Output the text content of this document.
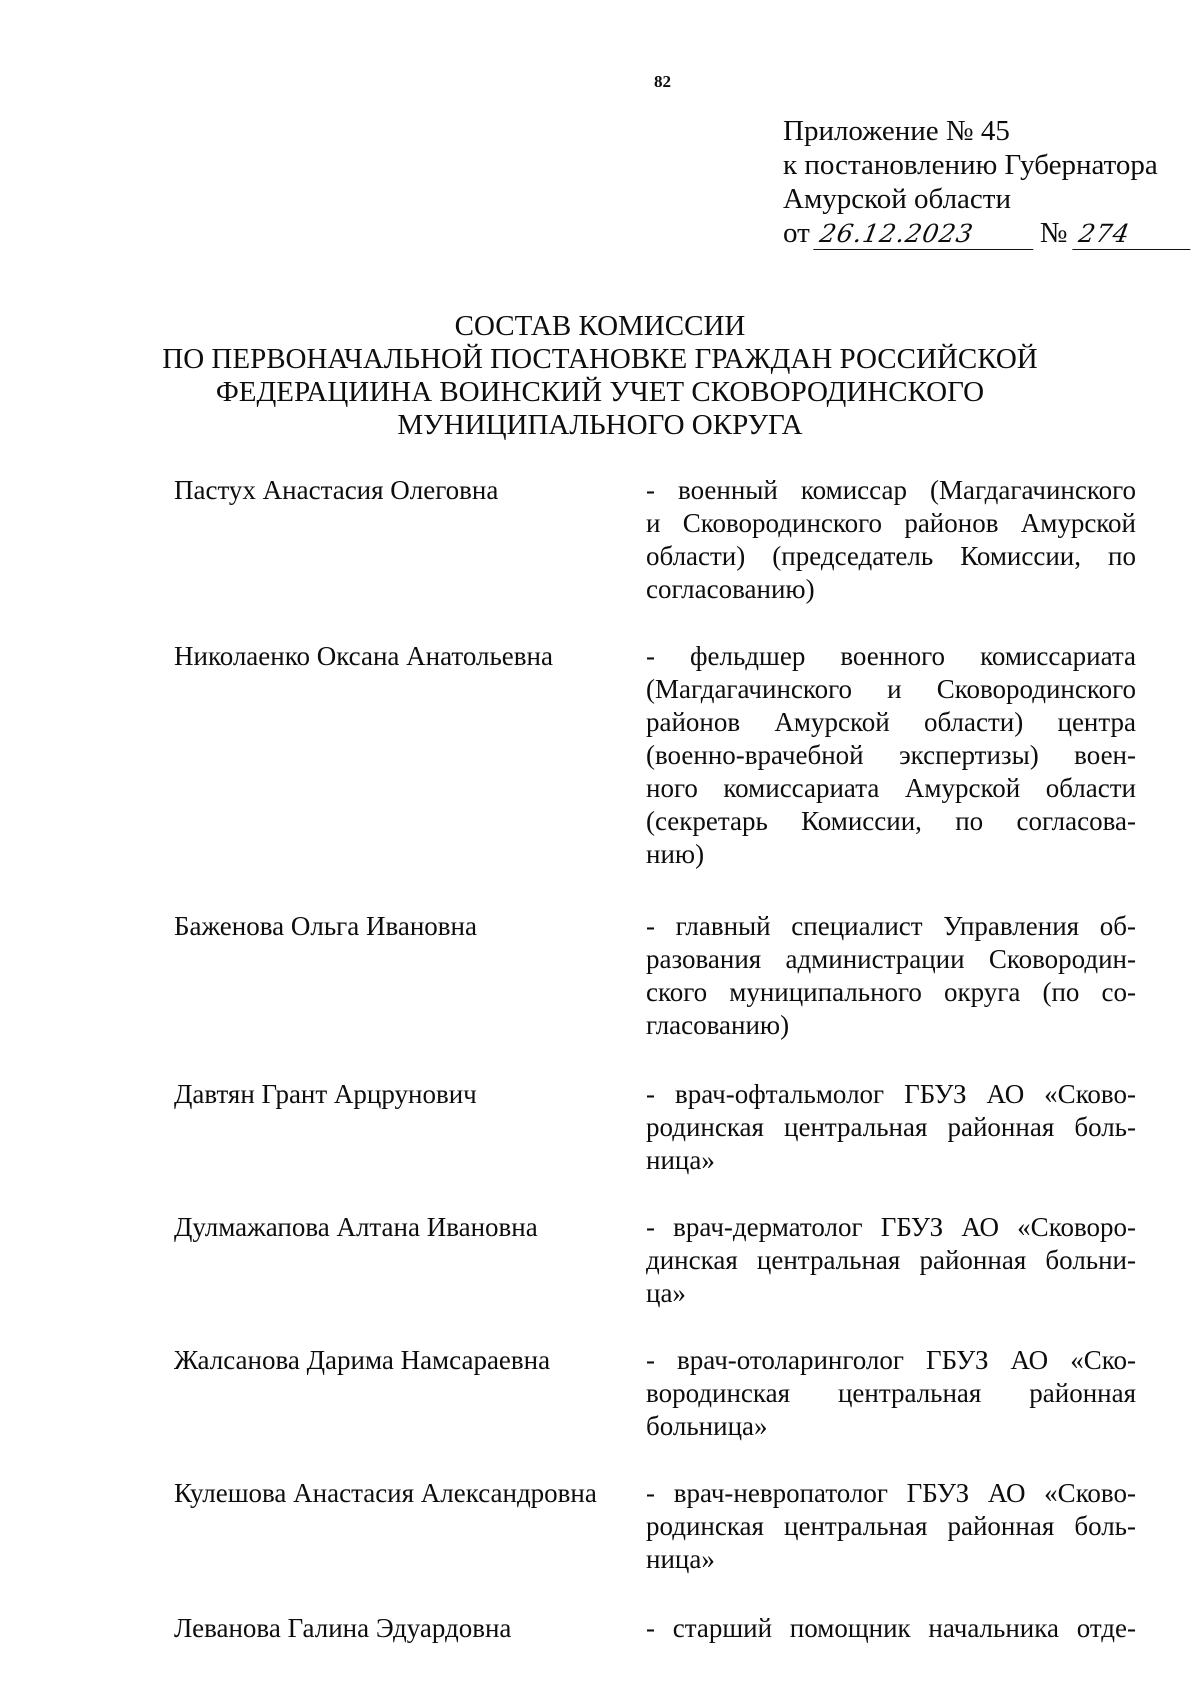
82
Приложение № 45
к постановлению Губернатора
Амурской области
от 26.12.2023	№ 274
СОСТАВ КОМИССИИ
ПО ПЕРВОНАЧАЛЬНОЙ ПОСТАНОВКЕ ГРАЖДАН РОССИЙСКОЙ
ФЕДЕРАЦИИНА ВОИНСКИЙ УЧЕТ СКОВОРОДИНСКОГО
МУНИЦИПАЛЬНОГО ОКРУГА
Пастух Анастасия Олеговна	- военный комиссар (Магдагачинского
и Сковородинского районов Амурской
области) (председатель Комиссии, по
согласованию)
Николаенко Оксана Анатольевна	- фельдшер военного комиссариата
(Магдагачинского и Сковородинского
районов Амурской области) центра
(военно-врачебной экспертизы) воен-
ного комиссариата Амурской области
(секретарь Комиссии, по согласова-
нию)
Баженова Ольга Ивановна	- главный специалист Управления об-
разования администрации Сковородин-
ского муниципального округа (по со-
гласованию)
Давтян Грант Арцрунович	- врач-офтальмолог ГБУЗ АО «Сково-
родинская центральная районная боль-
ница»
Дулмажапова Алтана Ивановна	- врач-дерматолог ГБУЗ АО «Сковоро-
динская центральная районная больни-
ца»
Жалсанова Дарима Намсараевна	- врач-отоларинголог ГБУЗ АО «Ско-
вородинская центральная районная
больница»
Кулешова Анастасия Александровна	- врач-невропатолог ГБУЗ АО «Сково-
родинская центральная районная боль-
ница»
Леванова Галина Эдуардовна	- старший помощник начальника отде-
